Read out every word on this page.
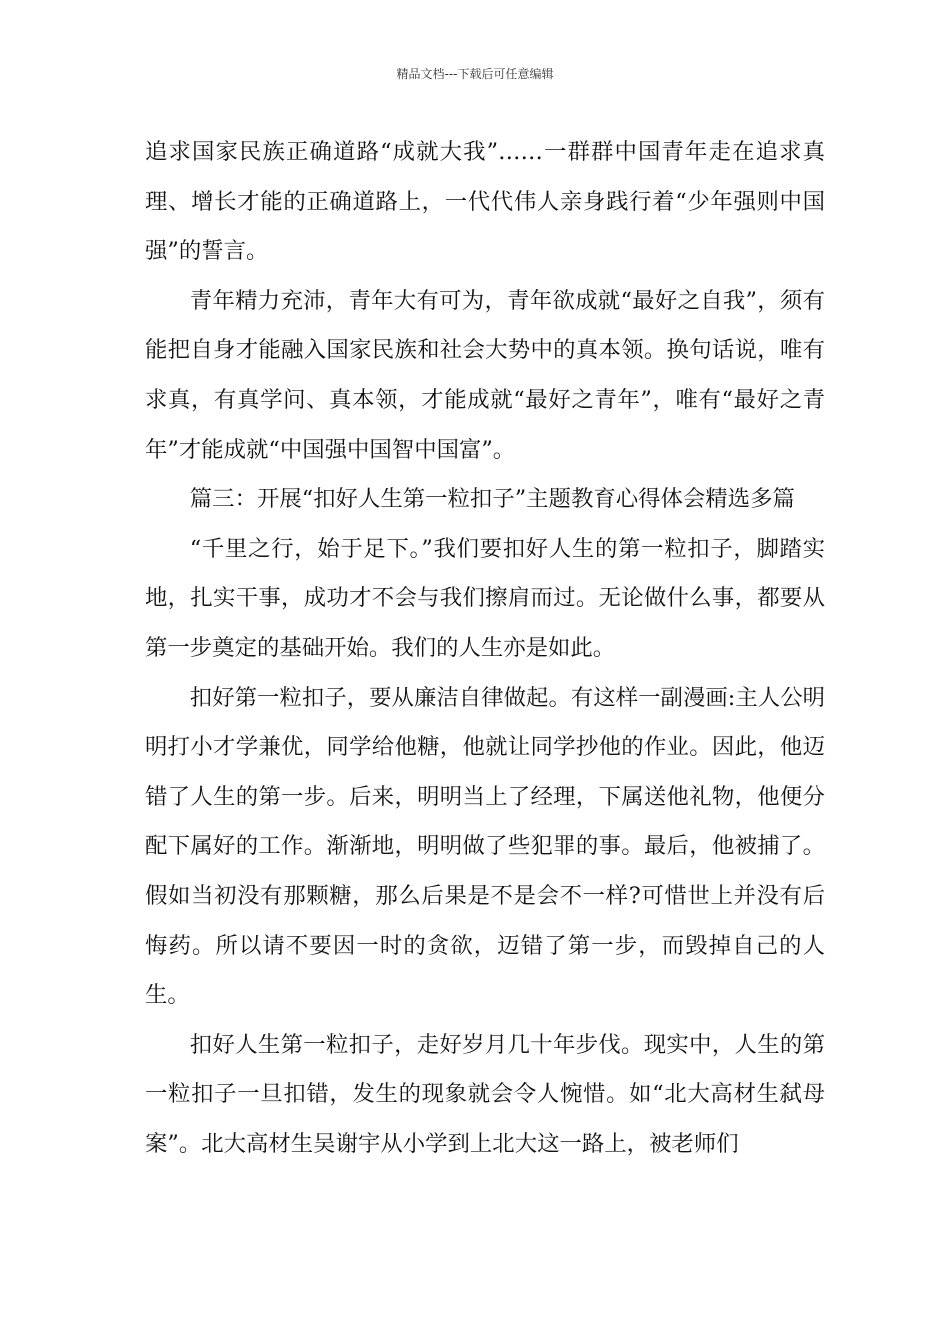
精品文档---下载后可任意编辑

追求国家民族正确道路“成就大我”……一群群中国青年走在追求真理、增长才能的正确道路上，一代代伟人亲身践行着“少年强则中国强”的誓言。

青年精力充沛，青年大有可为，青年欲成就“最好之自我”，须有能把自身才能融入国家民族和社会大势中的真本领。换句话说，唯有求真，有真学问、真本领，才能成就“最好之青年”，唯有“最好之青年”才能成就“中国强中国智中国富”。

篇三：开展“扣好人生第一粒扣子”主题教育心得体会精选多篇

“千里之行，始于足下。”我们要扣好人生的第一粒扣子，脚踏实地，扎实干事，成功才不会与我们擦肩而过。无论做什么事，都要从第一步奠定的基础开始。我们的人生亦是如此。

扣好第一粒扣子，要从廉洁自律做起。有这样一副漫画:主人公明明打小才学兼优，同学给他糖，他就让同学抄他的作业。因此，他迈错了人生的第一步。后来，明明当上了经理，下属送他礼物，他便分配下属好的工作。渐渐地，明明做了些犯罪的事。最后，他被捕了。假如当初没有那颗糖，那么后果是不是会不一样?可惜世上并没有后悔药。所以请不要因一时的贪欲，迈错了第一步，而毁掉自己的人生。

扣好人生第一粒扣子，走好岁月几十年步伐。现实中，人生的第一粒扣子一旦扣错，发生的现象就会令人惋惜。如“北大高材生弑母案”。北大高材生吴谢宇从小学到上北大这一路上，被老师们
